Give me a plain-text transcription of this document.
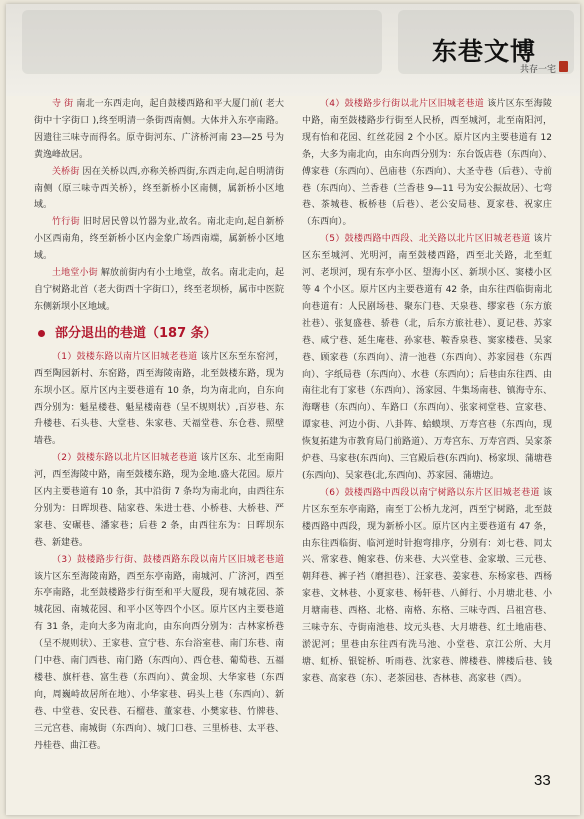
东巷文博
共存一宅

寺 街 南北一东西走向，起自鼓楼西路和平大厦门前( 老大街中十字街口 ),终至明清一条街西南侧。大体并入东亭南路。因遗往三味寺而得名。原寺街河东、广济桥河南 23—25 号为黄逸峰故居。

关桥街 因在关桥以西,亦称关桥西街,东西走向,起自明清街南侧（原三味寺西关桥），终至新桥小区南侧，属新桥小区地域。

竹行街 旧时居民曾以竹器为业,故名。南北走向,起自新桥小区西南角，终至新桥小区内金象广场西南端，属新桥小区地域。

土地堂小街 解放前街内有小土地堂，故名。南北走向，起自宁树路北首（老大街西十字街口），终至老坝桥，属市中医院东侧新坝小区地域。

部分退出的巷道（187 条）

（1）鼓楼东路以南片区旧城老巷道 该片区东至东窑河，西至陶园新村、东窑路，西至海陵南路，北至鼓楼东路，现为东坝小区。原片区内主要巷道有 10 条，均为南北向，自东向西分别为：魁星楼巷、魁星楼南巷（呈不规则状）,百岁巷、东升楼巷、石头巷、大堂巷、朱家巷、天福堂巷、东仓巷、照壁墙巷。

（2）鼓楼东路以北片区旧城老巷道 该片区东、北至南阳河，西至海陵中路，南至鼓楼东路，现为金地.盛大花园。原片区内主要巷道有 10 条，其中沿街 7 条均为南北向，由西往东分别为：日晖坝巷、陆家巷、朱进士巷、小桥巷、大桥巷、严家巷、安碾巷、潘家巷；后巷 2 条，由西往东为：日晖坝东巷、新建巷。

（3）鼓楼路步行街、鼓楼西路东段以南片区旧城老巷道 该片区东至海陵南路，西至东亭南路，南城河、广济河，西至东亭南路，北至鼓楼路步行街至和平大厦段，现有城花园、茶城花园、南城花园、和平小区等四个小区。原片区内主要巷道有 31 条，走向大多为南北向，由东向西分别为：古林家桥巷（呈不规则状）、王家巷、宣宁巷、东台浴室巷、南门东巷、南门中巷、南门西巷、南门路（东西向）、西仓巷、葡萄巷、五福楼巷、旗杆巷、富生巷（东西向）、黄金坝、大华家巷（东西向，周巍峙故居所在地）、小华家巷、码头上巷（东西向）、新巷、中堂巷、安民巷、石榴巷、董家巷、小樊家巷、竹牌巷、三元宫巷、南城街（东西向）、城门口巷、三里桥巷、太平巷、丹桂巷、曲江巷。

（4）鼓楼路步行街以北片区旧城老巷道 该片区东至海陵中路，南至鼓楼路步行街至人民桥，西至城河，北至南阳河，现有怡和花园、红丝花园 2 个小区。原片区内主要巷道有 12 条，大多为南北向，由东向西分别为：东台饭店巷（东西向）、傅家巷（东西向）、邑庙巷（东西向）、大圣寺巷（后巷）、寺前巷（东西向）、兰香巷（兰香巷 9—11 号为安公振故居）、七弯巷、茶城巷、板桥巷（后巷）、老公安局巷、夏家巷、祝家庄（东西向）。

（5）鼓楼西路中西段、北关路以北片区旧城老巷道 该片区东至城河、光明河，南至鼓楼西路，西至北关路，北至虹河、老坝河，现有东亭小区、望海小区、新坝小区、窦楼小区等 4 个小区。原片区内主要巷道有 42 条，由东往西临街南北向巷道有：人民剧场巷、聚东门巷、天泉巷、缪家巷（东方旅社巷）、张复盛巷、骄巷（北，后东方旅社巷）、夏记巷、苏家巷、咸宁巷、延生庵巷、孙家巷、鞍香泉巷、窦家楼巷、吴家巷、顾家巷（东西向）、清一池巷（东西向）、苏家园巷（东西向）、字纸局巷（东西向）、水巷（东西向）；后巷由东往西、由南往北有丁家巷（东西向）、汤家园、牛集场南巷、镇海寺东、海曙巷（东西向）、车路口（东西向）、张家祠堂巷、宣家巷、谭家巷、河边小街、八卦阵、蛤蟆坝、万寿宫巷（东西向，现恢复拓建为市教育局门前路道）、万寿宫东、万寿宫西、吴家茶炉巷、马家巷(东西向)、三官殿后巷(东西向)、杨家坝、蒲塘巷(东西向)、吴家巷(北,东西向)、苏家园、蒲塘边。

（6）鼓楼西路中西段以南宁树路以东片区旧城老巷道 该片区东至东亭南路，南至丁公桥九龙河，西至宁树路，北至鼓楼西路中西段，现为新桥小区。原片区内主要巷道有 47 条，由东往西临街、临河逆时针抱弯排序，分别有：刘七巷、同太兴、常家巷、鲍家巷、仿来巷、大兴堂巷、金家墩、三元巷、朝拜巷、裤子裆（磨担巷）、汪家巷、姜家巷、东杨家巷、西杨家巷、文林巷、小夏家巷、杨轩巷、八鲜行、小月塘北巷、小月塘南巷、西格、北格、南格、东格、三味寺西、吕祖宫巷、三味寺东、寺街南池巷、坟元头巷、大月塘巷、红土地庙巷、淤泥河；里巷由东往西有洗马池、小堂巷、京江公所、大月塘、虹桥、银锭桥、听雨巷、沈家巷、牌楼巷、牌楼后巷、钱家巷、高家巷（东）、老茶园巷、杏林巷、高家巷（西）。

33
